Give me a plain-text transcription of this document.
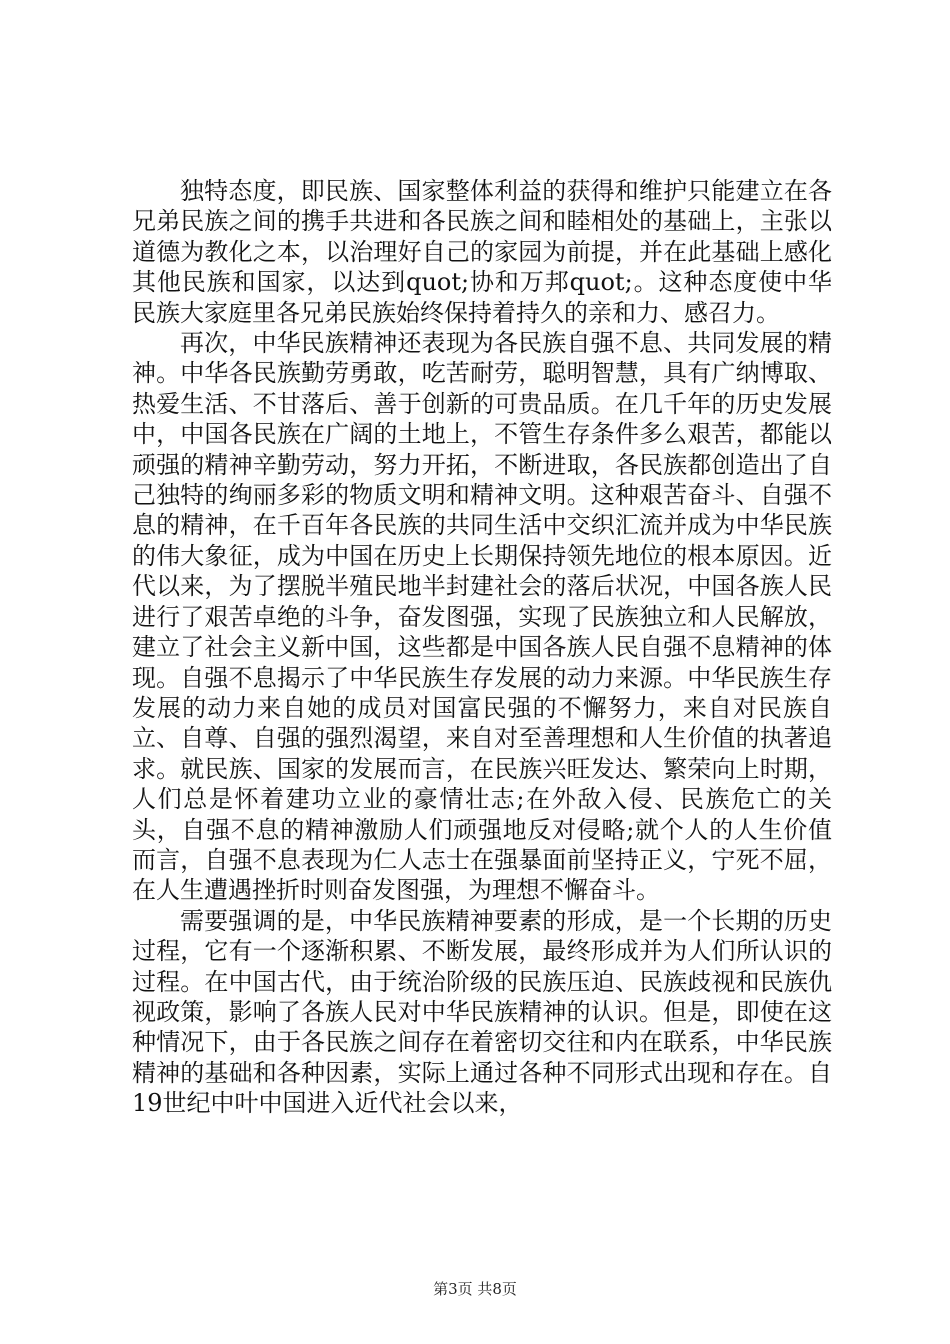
独特态度，即民族、国家整体利益的获得和维护只能建立在各兄弟民族之间的携手共进和各民族之间和睦相处的基础上，主张以道德为教化之本，以治理好自己的家园为前提，并在此基础上感化其他民族和国家，以达到quot;协和万邦quot;。这种态度使中华民族大家庭里各兄弟民族始终保持着持久的亲和力、感召力。

再次，中华民族精神还表现为各民族自强不息、共同发展的精神。中华各民族勤劳勇敢，吃苦耐劳，聪明智慧，具有广纳博取、热爱生活、不甘落后、善于创新的可贵品质。在几千年的历史发展中，中国各民族在广阔的土地上，不管生存条件多么艰苦，都能以顽强的精神辛勤劳动，努力开拓，不断进取，各民族都创造出了自己独特的绚丽多彩的物质文明和精神文明。这种艰苦奋斗、自强不息的精神，在千百年各民族的共同生活中交织汇流并成为中华民族的伟大象征，成为中国在历史上长期保持领先地位的根本原因。近代以来，为了摆脱半殖民地半封建社会的落后状况，中国各族人民进行了艰苦卓绝的斗争，奋发图强，实现了民族独立和人民解放，建立了社会主义新中国，这些都是中国各族人民自强不息精神的体现。自强不息揭示了中华民族生存发展的动力来源。中华民族生存发展的动力来自她的成员对国富民强的不懈努力，来自对民族自立、自尊、自强的强烈渴望，来自对至善理想和人生价值的执著追求。就民族、国家的发展而言，在民族兴旺发达、繁荣向上时期，人们总是怀着建功立业的豪情壮志;在外敌入侵、民族危亡的关头，自强不息的精神激励人们顽强地反对侵略;就个人的人生价值而言，自强不息表现为仁人志士在强暴面前坚持正义，宁死不屈，在人生遭遇挫折时则奋发图强，为理想不懈奋斗。

需要强调的是，中华民族精神要素的形成，是一个长期的历史过程，它有一个逐渐积累、不断发展，最终形成并为人们所认识的过程。在中国古代，由于统治阶级的民族压迫、民族歧视和民族仇视政策，影响了各族人民对中华民族精神的认识。但是，即使在这种情况下，由于各民族之间存在着密切交往和内在联系，中华民族精神的基础和各种因素，实际上通过各种不同形式出现和存在。自19世纪中叶中国进入近代社会以来，

第3页 共8页
